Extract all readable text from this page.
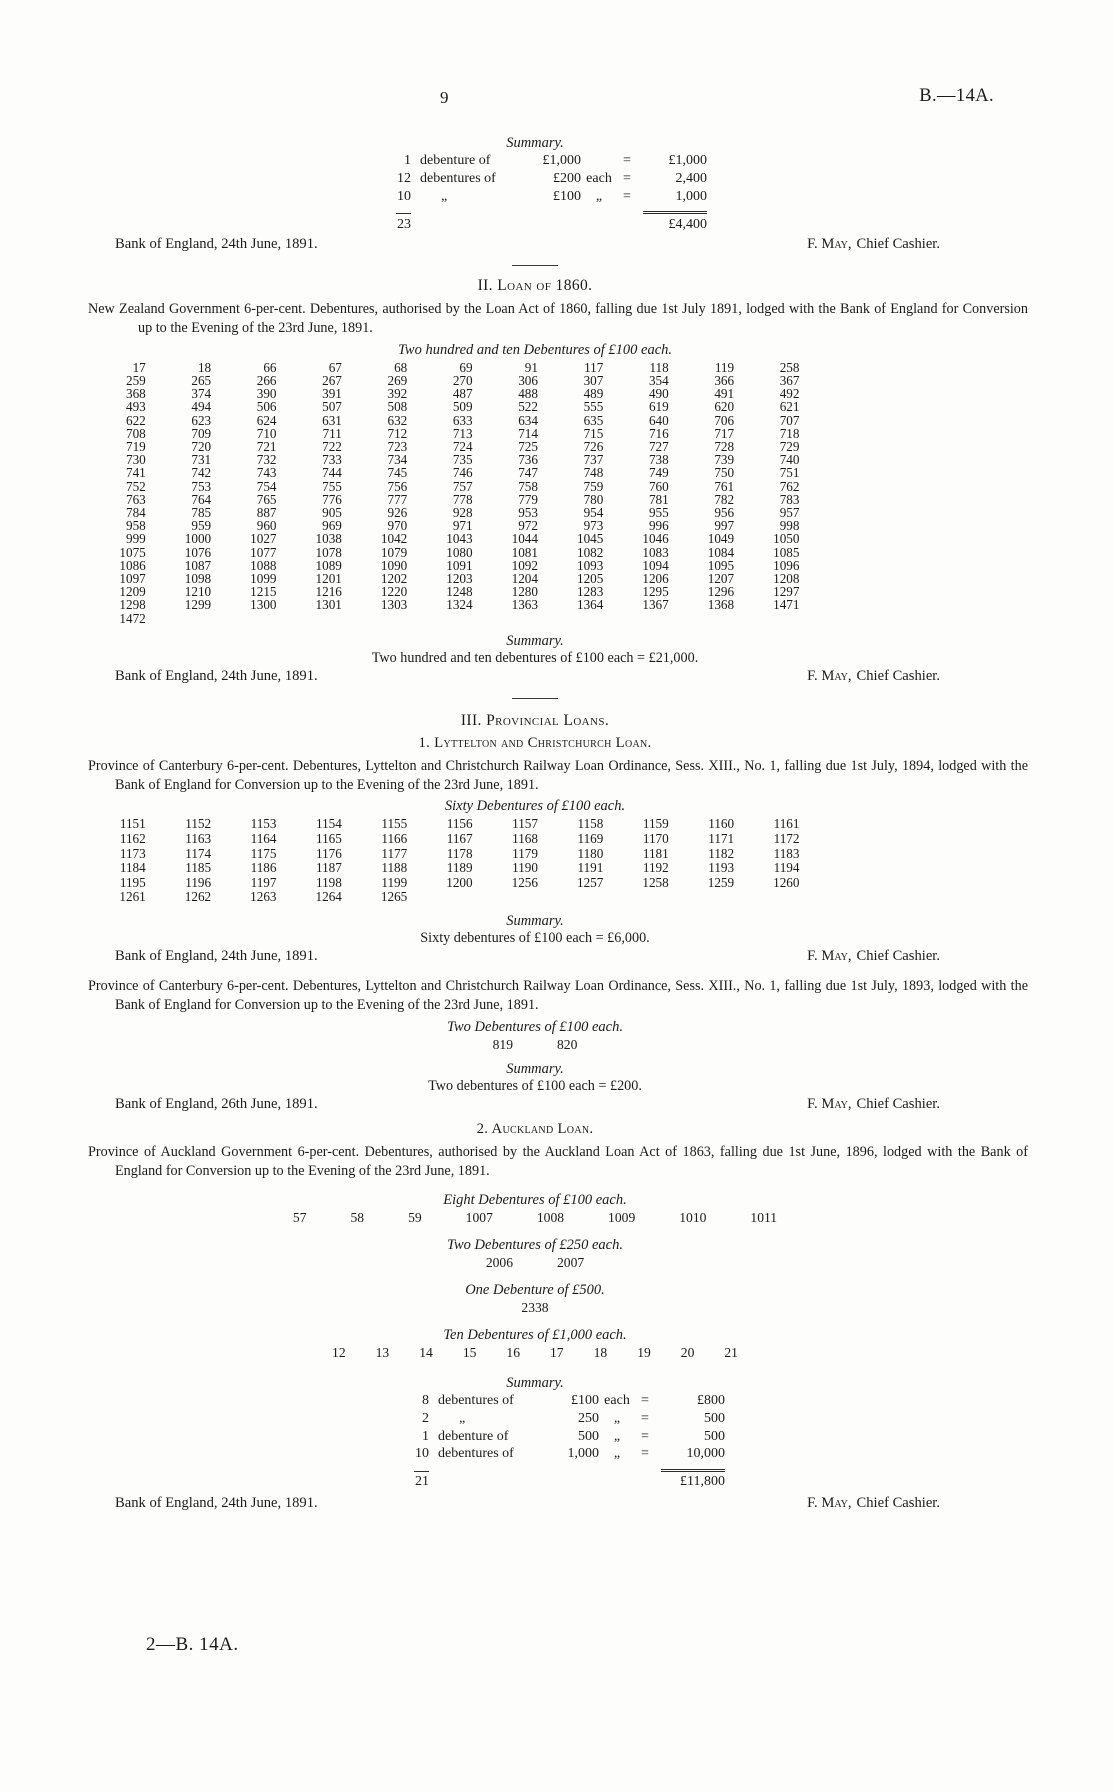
9	B.—14A.
Summary.
1 debenture of	£1,000	=	£1,000
12 debentures of	£200 each =	2,400
10 „	£100	„	=	1,000
23	£4,400
Bank of England, 24th June, 1891.	F. May, Chief Cashier.
II. Loan of 1860.
New Zealand Government 6-per-cent. Debentures, authorised by the Loan Act of 1860, falling due 1st July 1891, lodged with the Bank of England for Conversion up to the Evening of the 23rd June, 1891.
Two hundred and ten Debentures of £100 each.
17	18	66	67	68	69	91	117	118	119	258
259	265	266	267	269	270	306	307	354	366	367
368	374	390	391	392	487	488	489	490	491	492
493	494	506	507	508	509	522	555	619	620	621
622	623	624	631	632	633	634	635	640	706	707
708	709	710	711	712	713	714	715	716	717	718
719	720	721	722	723	724	725	726	727	728	729
730	731	732	733	734	735	736	737	738	739	740
741	742	743	744	745	746	747	748	749	750	751
752	753	754	755	756	757	758	759	760	761	762
763	764	765	776	777	778	779	780	781	782	783
784	785	887	905	926	928	953	954	955	956	957
958	959	960	969	970	971	972	973	996	997	998
999	1000	1027	1038	1042	1043	1044	1045	1046	1049	1050
1075	1076	1077	1078	1079	1080	1081	1082	1083	1084	1085
1086	1087	1088	1089	1090	1091	1092	1093	1094	1095	1096
1097	1098	1099	1201	1202	1203	1204	1205	1206	1207	1208
1209	1210	1215	1216	1220	1248	1280	1283	1295	1296	1297
1298	1299	1300	1301	1303	1324	1363	1364	1367	1368	1471
1472
Summary.
Two hundred and ten debentures of £100 each = £21,000.
Bank of England, 24th June, 1891.	F. May, Chief Cashier.
III. Provincial Loans.
1. Lyttelton and Christchurch Loan.
Province of Canterbury 6-per-cent. Debentures, Lyttelton and Christchurch Railway Loan Ordinance, Sess. XIII., No. 1, falling due 1st July, 1894, lodged with the Bank of England for Conversion up to the Evening of the 23rd June, 1891.
Sixty Debentures of £100 each.
1151	1152	1153	1154	1155	1156	1157	1158	1159	1160	1161
1162	1163	1164	1165	1166	1167	1168	1169	1170	1171	1172
1173	1174	1175	1176	1177	1178	1179	1180	1181	1182	1183
1184	1185	1186	1187	1188	1189	1190	1191	1192	1193	1194
1195	1196	1197	1198	1199	1200	1256	1257	1258	1259	1260
1261	1262	1263	1264	1265
Summary.
Sixty debentures of £100 each = £6,000.
Bank of England, 24th June, 1891.	F. May, Chief Cashier.
Province of Canterbury 6-per-cent. Debentures, Lyttelton and Christchurch Railway Loan Ordinance, Sess. XIII., No. 1, falling due 1st July, 1893, lodged with the Bank of England for Conversion up to the Evening of the 23rd June, 1891.
Two Debentures of £100 each.
819	820
Summary.
Two debentures of £100 each = £200.
Bank of England, 26th June, 1891.	F. May, Chief Cashier.
2. Auckland Loan.
Province of Auckland Government 6-per-cent. Debentures, authorised by the Auckland Loan Act of 1863, falling due 1st June, 1896, lodged with the Bank of England for Conversion up to the Evening of the 23rd June, 1891.
Eight Debentures of £100 each.
57	58	59	1007	1008	1009	1010	1011
Two Debentures of £250 each.
2006	2007
One Debenture of £500.
2338
Ten Debentures of £1,000 each.
12 13 14 15 16 17 18 19 20 21
Summary.
8 debentures of	£100 each =	£800
2 „	250	„	=	500
1 debenture of	500	„	=	500
10 debentures of	1,000	„	=	10,000
21	£11,800
Bank of England, 24th June, 1891.	F. May, Chief Cashier.
2—B. 14A.
